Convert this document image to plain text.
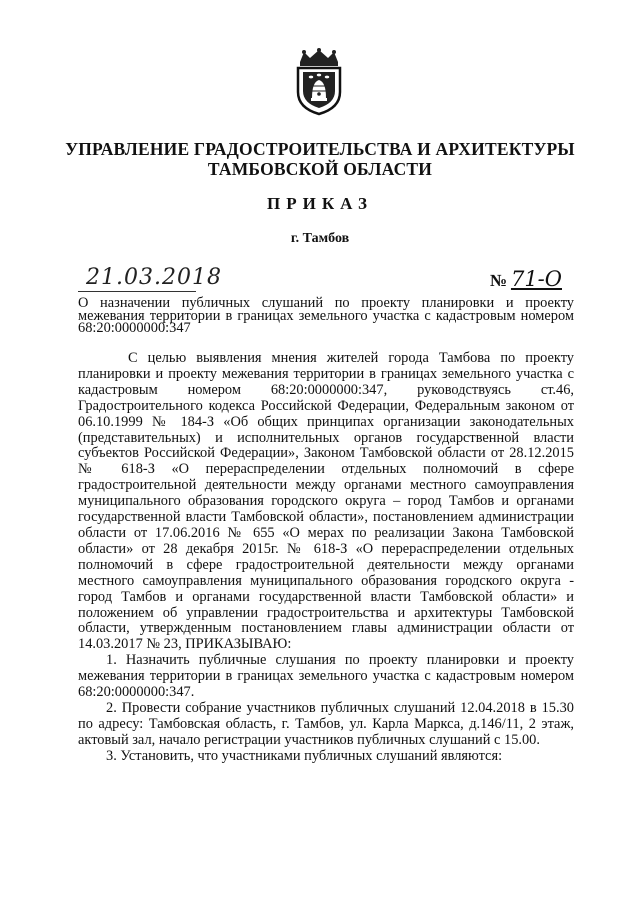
УПРАВЛЕНИЕ ГРАДОСТРОИТЕЛЬСТВА И АРХИТЕКТУРЫ
ТАМБОВСКОЙ ОБЛАСТИ
ПРИКАЗ
г. Тамбов
21.03.2018	№ 71-О
О назначении публичных слушаний по проекту планировки и проекту межевания территории в границах земельного участка с кадастровым номером 68:20:0000000:347

С целью выявления мнения жителей города Тамбова по проекту планировки и проекту межевания территории в границах земельного участка с кадастровым номером 68:20:0000000:347, руководствуясь ст.46, Градостроительного кодекса Российской Федерации, Федеральным законом от 06.10.1999 № 184-З «Об общих принципах организации законодательных (представительных) и исполнительных органов государственной власти субъектов Российской Федерации», Законом Тамбовской области от 28.12.2015 № 618-З «О перераспределении отдельных полномочий в сфере градостроительной деятельности между органами местного самоуправления муниципального образования городского округа – город Тамбов и органами государственной власти Тамбовской области», постановлением администрации области от 17.06.2016 № 655 «О мерах по реализации Закона Тамбовской области» от 28 декабря 2015г. № 618-З «О перераспределении отдельных полномочий в сфере градостроительной деятельности между органами местного самоуправления муниципального образования городского округа - город Тамбов и органами государственной власти Тамбовской области» и положением об управлении градостроительства и архитектуры Тамбовской области, утвержденным постановлением главы администрации области от 14.03.2017 № 23, ПРИКАЗЫВАЮ:

1. Назначить публичные слушания по проекту планировки и проекту межевания территории в границах земельного участка с кадастровым номером 68:20:0000000:347.

2. Провести собрание участников публичных слушаний 12.04.2018 в 15.30 по адресу: Тамбовская область, г. Тамбов, ул. Карла Маркса, д.146/11, 2 этаж, актовый зал, начало регистрации участников публичных слушаний с 15.00.

3. Установить, что участниками публичных слушаний являются:
